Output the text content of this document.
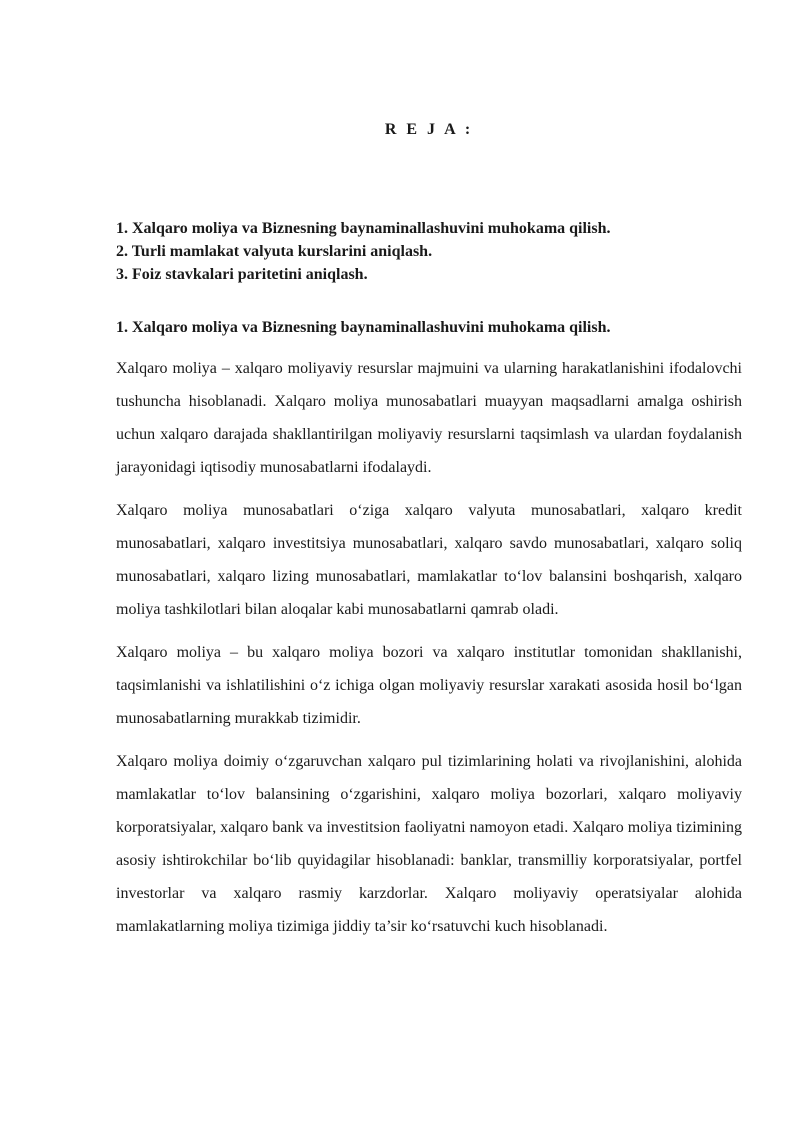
R E J A :
1. Xalqaro moliya va Biznesning baynaminallashuvini muhokama qilish.
2. Turli mamlakat valyuta kurslarini aniqlash.
3. Foiz stavkalari paritetini aniqlash.
1. Xalqaro moliya va Biznesning baynaminallashuvini muhokama qilish.

Xalqaro moliya – xalqaro moliyaviy resurslar majmuini va ularning harakatlanishini ifodalovchi tushuncha hisoblanadi. Xalqaro moliya munosabatlari muayyan maqsadlarni amalga oshirish uchun xalqaro darajada shakllantirilgan moliyaviy resurslarni taqsimlash va ulardan foydalanish jarayonidagi iqtisodiy munosabatlarni ifodalaydi.

Xalqaro moliya munosabatlari o‘ziga xalqaro valyuta munosabatlari, xalqaro kredit munosabatlari, xalqaro investitsiya munosabatlari, xalqaro savdo munosabatlari, xalqaro soliq munosabatlari, xalqaro lizing munosabatlari, mamlakatlar to‘lov balansini boshqarish, xalqaro moliya tashkilotlari bilan aloqalar kabi munosabatlarni qamrab oladi.

Xalqaro moliya – bu xalqaro moliya bozori va xalqaro institutlar tomonidan shakllanishi, taqsimlanishi va ishlatilishini o‘z ichiga olgan moliyaviy resurslar xarakati asosida hosil bo‘lgan munosabatlarning murakkab tizimidir.

Xalqaro moliya doimiy o‘zgaruvchan xalqaro pul tizimlarining holati va rivojlanishini, alohida mamlakatlar to‘lov balansining o‘zgarishini, xalqaro moliya bozorlari, xalqaro moliyaviy korporatsiyalar, xalqaro bank va investitsion faoliyatni namoyon etadi. Xalqaro moliya tizimining asosiy ishtirokchilar bo‘lib quyidagilar hisoblanadi: banklar, transmilliy korporatsiyalar, portfel investorlar va xalqaro rasmiy karzdorlar. Xalqaro moliyaviy operatsiyalar alohida mamlakatlarning moliya tizimiga jiddiy ta’sir ko‘rsatuvchi kuch hisoblanadi.
